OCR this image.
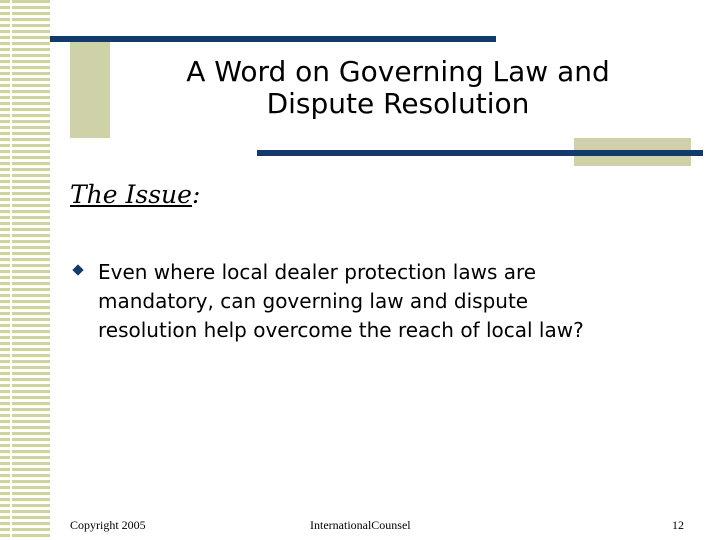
A Word on Governing Law and
Dispute Resolution

The Issue:

Even where local dealer protection laws are
mandatory, can governing law and dispute
resolution help overcome the reach of local law?
Copyright 2005	InternationalCounsel	12
